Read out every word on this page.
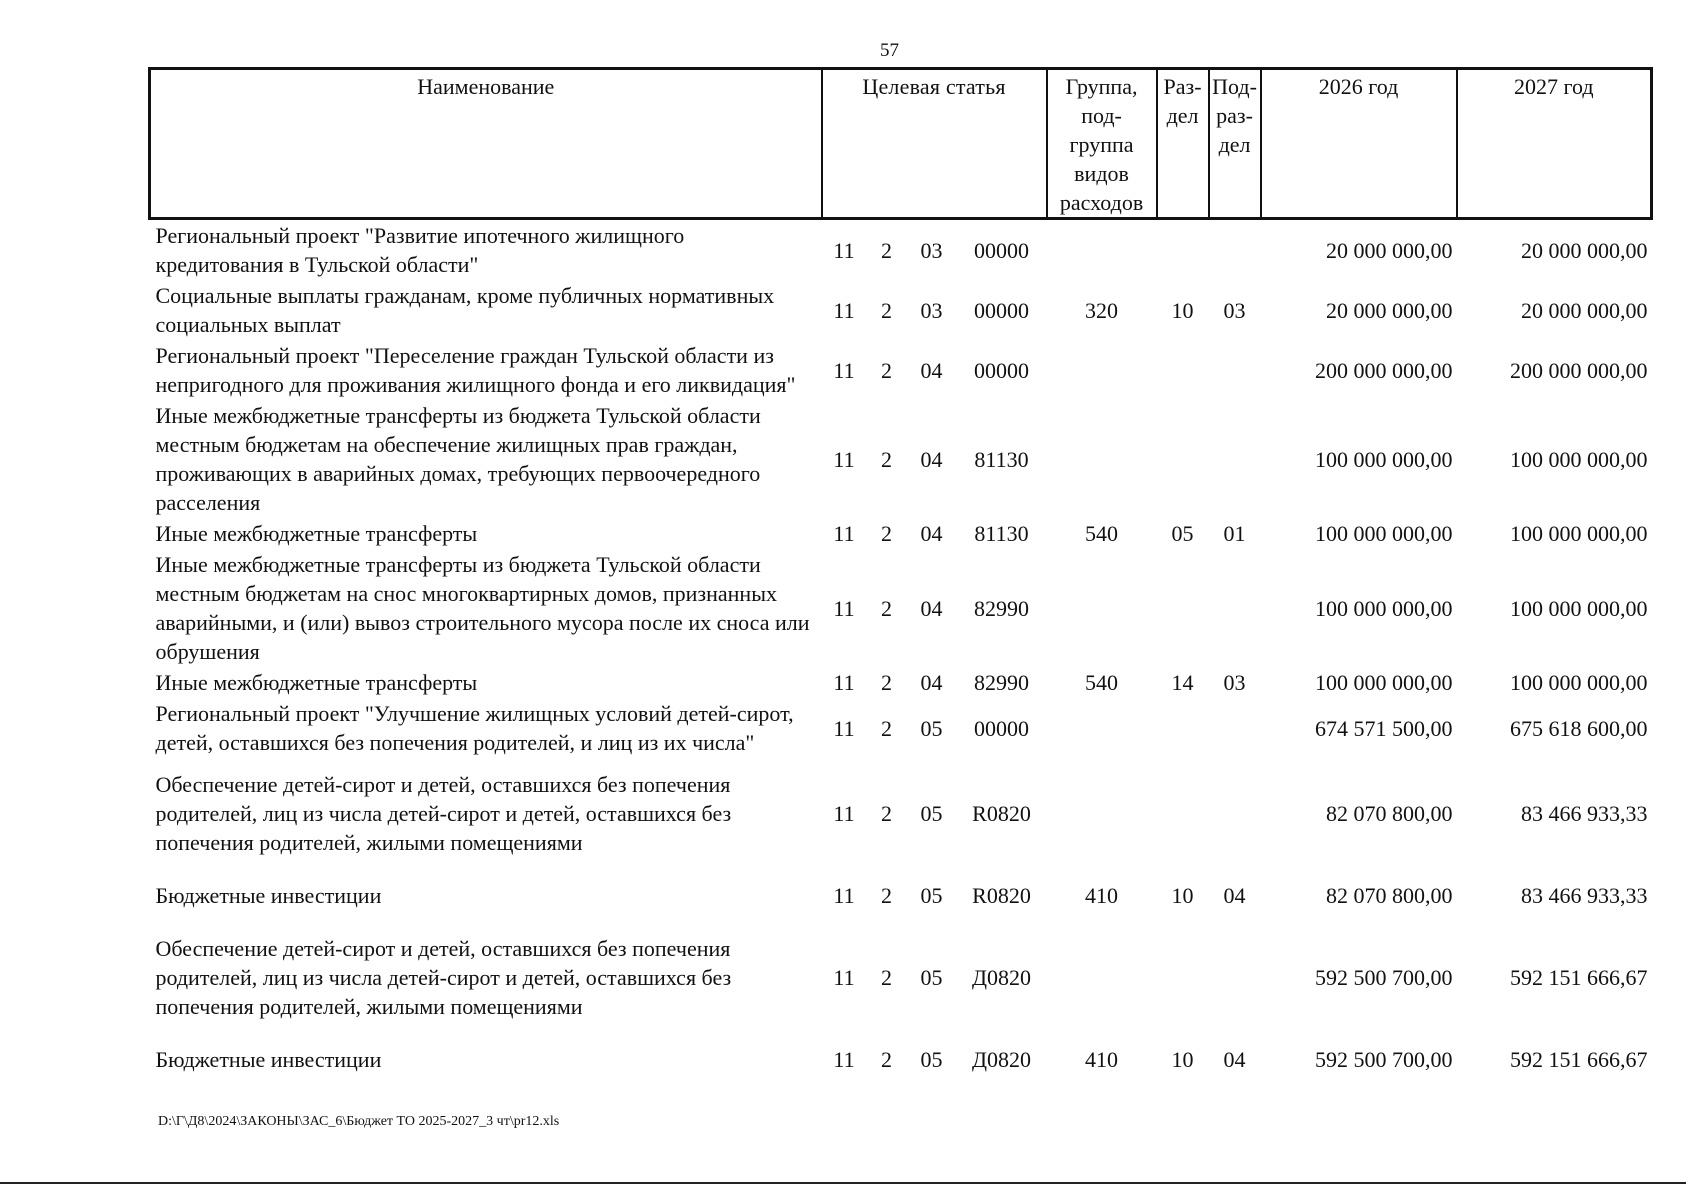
57
Наименование	Целевая статья				Группа, под-группа видов расходов	Раз-дел	Под-раз-дел	2026 год	2027 год
Региональный проект "Развитие ипотечного жилищного кредитования в Тульской области"	11	2	03	00000				20 000 000,00	20 000 000,00
Социальные выплаты гражданам, кроме публичных нормативных социальных выплат	11	2	03	00000	320	10	03	20 000 000,00	20 000 000,00
Региональный проект "Переселение граждан Тульской области из непригодного для проживания жилищного фонда и его ликвидация"	11	2	04	00000				200 000 000,00	200 000 000,00
Иные межбюджетные трансферты из бюджета Тульской области местным бюджетам на обеспечение жилищных прав граждан, проживающих в аварийных домах, требующих первоочередного расселения	11	2	04	81130				100 000 000,00	100 000 000,00
Иные межбюджетные трансферты	11	2	04	81130	540	05	01	100 000 000,00	100 000 000,00
Иные межбюджетные трансферты из бюджета Тульской области местным бюджетам на снос многоквартирных домов, признанных аварийными, и (или) вывоз строительного мусора после их сноса или обрушения	11	2	04	82990				100 000 000,00	100 000 000,00
Иные межбюджетные трансферты	11	2	04	82990	540	14	03	100 000 000,00	100 000 000,00
Региональный проект "Улучшение жилищных условий детей-сирот, детей, оставшихся без попечения родителей, и лиц из их числа"	11	2	05	00000				674 571 500,00	675 618 600,00
Обеспечение детей-сирот и детей, оставшихся без попечения родителей, лиц из числа детей-сирот и детей, оставшихся без попечения родителей, жилыми помещениями	11	2	05	R0820				82 070 800,00	83 466 933,33
Бюджетные инвестиции	11	2	05	R0820	410	10	04	82 070 800,00	83 466 933,33
Обеспечение детей-сирот и детей, оставшихся без попечения родителей, лиц из числа детей-сирот и детей, оставшихся без попечения родителей, жилыми помещениями	11	2	05	Д0820				592 500 700,00	592 151 666,67
Бюджетные инвестиции	11	2	05	Д0820	410	10	04	592 500 700,00	592 151 666,67
D:\Г\Д8\2024\ЗАКОНЫ\ЗАС_6\Бюджет ТО 2025-2027_3 чт\pr12.xls
